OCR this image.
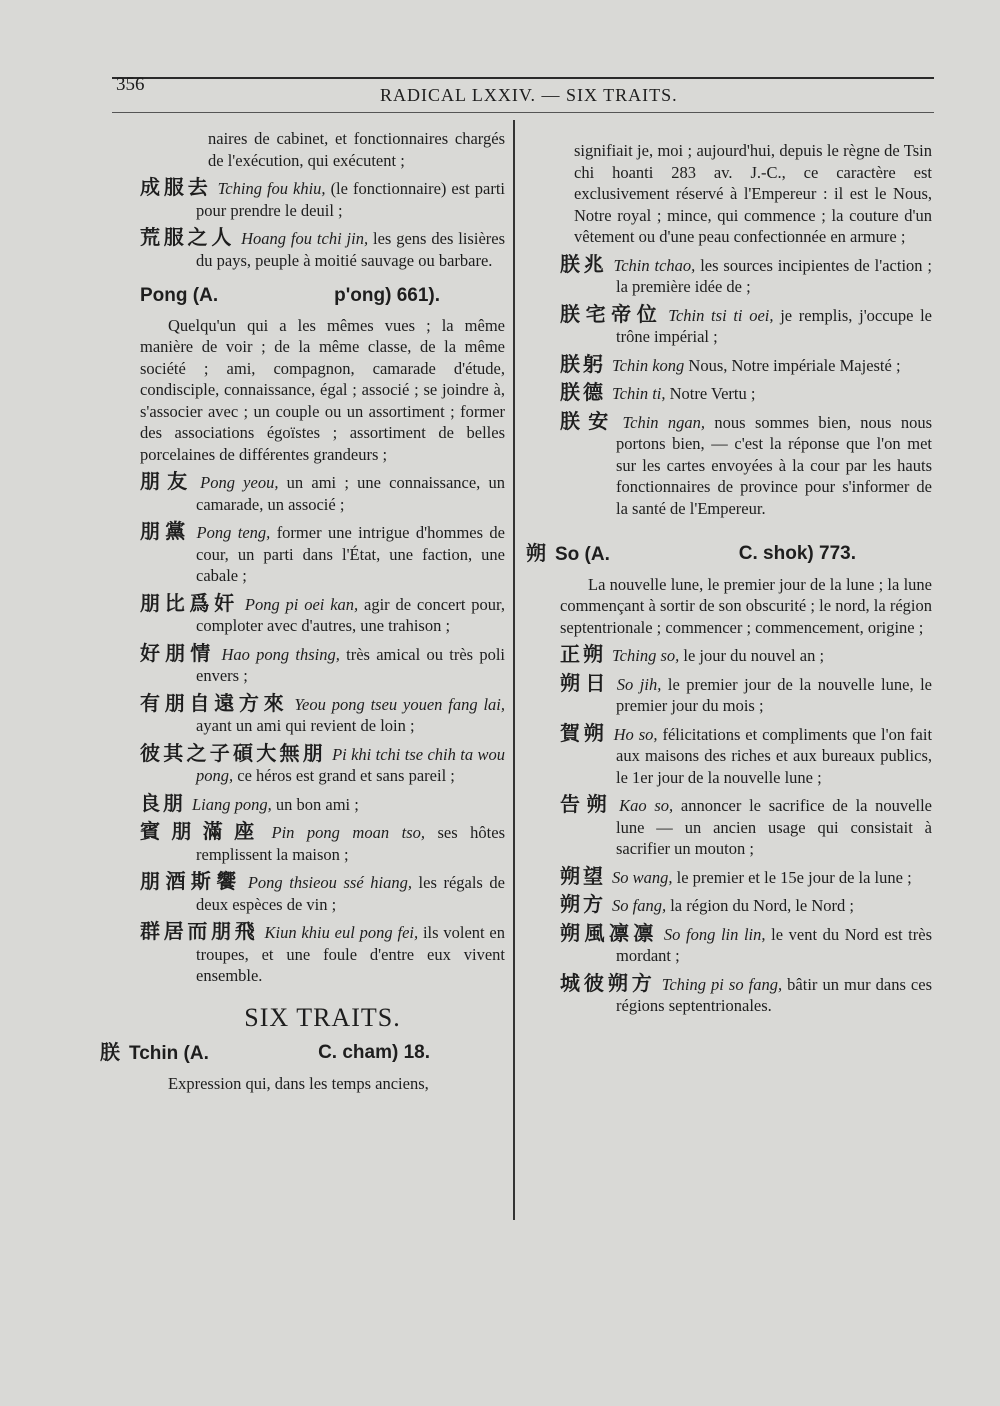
356	RADICAL LXXIV. — SIX TRAITS.

naires de cabinet, et fonctionnaires chargés de l'exécution, qui exécutent ;

成服去 Tching fou khiu, (le fonctionnaire) est parti pour prendre le deuil ;

荒服之人 Hoang fou tchi jin, les gens des lisières du pays, peuple à moitié sauvage ou barbare.

Pong (A.	p'ong) 661).

Quelqu'un qui a les mêmes vues ; la même manière de voir ; de la même classe, de la même société ; ami, compagnon, camarade d'étude, condisciple, connaissance, égal ; associé ; se joindre à, s'associer avec ; un couple ou un assortiment ; former des associations égoïstes ; assortiment de belles porcelaines de différentes grandeurs ;

朋友 Pong yeou, un ami ; une connaissance, un camarade, un associé ;

朋黨 Pong teng, former une intrigue d'hommes de cour, un parti dans l'État, une faction, une cabale ;

朋比爲奸 Pong pi oei kan, agir de concert pour, comploter avec d'autres, une trahison ;

好朋情 Hao pong thsing, très amical ou très poli envers ;

有朋自遠方來 Yeou pong tseu youen fang lai, ayant un ami qui revient de loin ;

彼其之子碩大無朋 Pi khi tchi tse chih ta wou pong, ce héros est grand et sans pareil ;

良朋 Liang pong, un bon ami ;

賓朋滿座 Pin pong moan tso, ses hôtes remplissent la maison ;

朋酒斯饗 Pong thsieou ssé hiang, les régals de deux espèces de vin ;

群居而朋飛 Kiun khiu eul pong fei, ils volent en troupes, et une foule d'entre eux vivent ensemble.

SIX TRAITS.
朕 Tchin (A.	C. cham) 18.

Expression qui, dans les temps anciens,

signifiait je, moi ; aujourd'hui, depuis le règne de Tsin chi hoanti 283 av. J.-C., ce caractère est exclusivement réservé à l'Empereur : il est le Nous, Notre royal ; mince, qui commence ; la couture d'un vêtement ou d'une peau confectionnée en armure ;

朕兆 Tchin tchao, les sources incipientes de l'action ; la première idée de ;

朕宅帝位 Tchin tsi ti oei, je remplis, j'occupe le trône impérial ;

朕躬 Tchin kong Nous, Notre impériale Majesté ;

朕德 Tchin ti, Notre Vertu ;

朕安 Tchin ngan, nous sommes bien, nous nous portons bien, — c'est la réponse que l'on met sur les cartes envoyées à la cour par les hauts fonctionnaires de province pour s'informer de la santé de l'Empereur.

朔 So (A.	C. shok) 773.

La nouvelle lune, le premier jour de la lune ; la lune commençant à sortir de son obscurité ; le nord, la région septentrionale ; commencer ; commencement, origine ;

正朔 Tching so, le jour du nouvel an ;

朔日 So jih, le premier jour de la nouvelle lune, le premier jour du mois ;

賀朔 Ho so, félicitations et compliments que l'on fait aux maisons des riches et aux bureaux publics, le 1er jour de la nouvelle lune ;

告朔 Kao so, annoncer le sacrifice de la nouvelle lune — un ancien usage qui consistait à sacrifier un mouton ;

朔望 So wang, le premier et le 15e jour de la lune ;

朔方 So fang, la région du Nord, le Nord ;

朔風凛凛 So fong lin lin, le vent du Nord est très mordant ;

城彼朔方 Tching pi so fang, bâtir un mur dans ces régions septentrionales.
